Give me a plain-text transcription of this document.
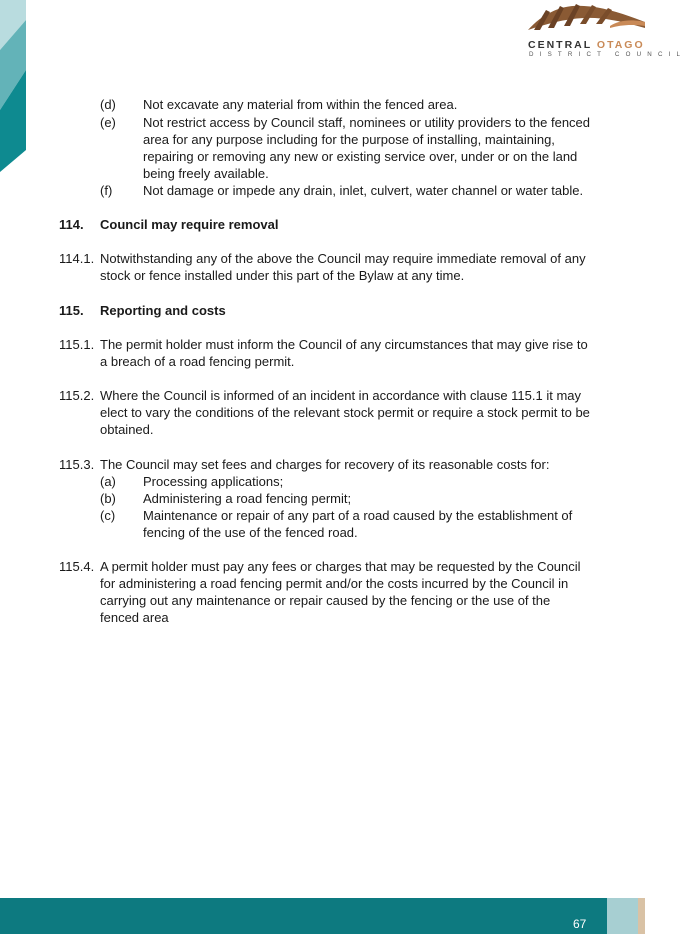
CENTRAL OTAGO
DISTRICT COUNCIL
(d) Not excavate any material from within the fenced area.
(e) Not restrict access by Council staff, nominees or utility providers to the fenced area for any purpose including for the purpose of installing, maintaining, repairing or removing any new or existing service over, under or on the land being freely available.
(f) Not damage or impede any drain, inlet, culvert, water channel or water table.
114. Council may require removal
114.1. Notwithstanding any of the above the Council may require immediate removal of any stock or fence installed under this part of the Bylaw at any time.
115. Reporting and costs
115.1. The permit holder must inform the Council of any circumstances that may give rise to a breach of a road fencing permit.
115.2. Where the Council is informed of an incident in accordance with clause 115.1 it may elect to vary the conditions of the relevant stock permit or require a stock permit to be obtained.
115.3. The Council may set fees and charges for recovery of its reasonable costs for:
(a) Processing applications;
(b) Administering a road fencing permit;
(c) Maintenance or repair of any part of a road caused by the establishment of fencing of the use of the fenced road.
115.4. A permit holder must pay any fees or charges that may be requested by the Council for administering a road fencing permit and/or the costs incurred by the Council in carrying out any maintenance or repair caused by the fencing or the use of the fenced area
67
